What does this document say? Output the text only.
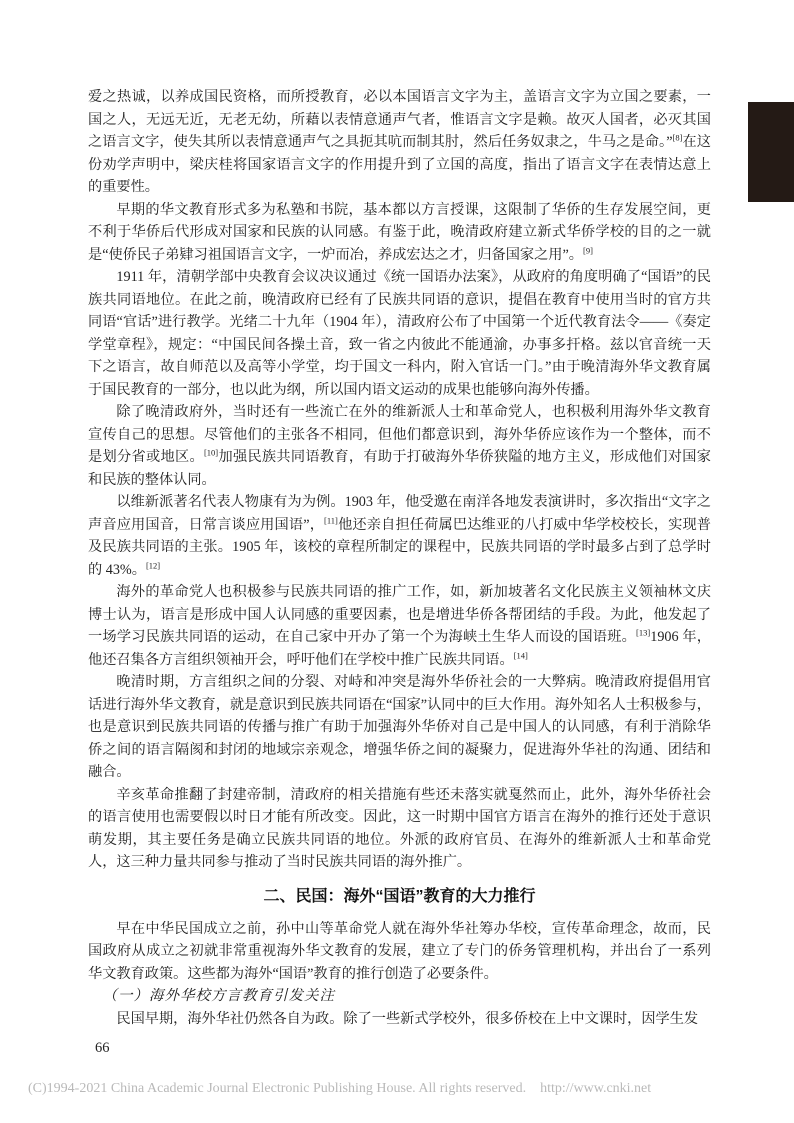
爱之热诚，以养成国民资格，而所授教育，必以本国语言文字为主，盖语言文字为立国之要素，一国之人，无远无近，无老无幼，所藉以表情意通声气者，惟语言文字是赖。故灭人国者，必灭其国之语言文字，使失其所以表情意通声气之具扼其吭而制其肘，然后任务奴隶之，牛马之是命。”[8]在这份劝学声明中，梁庆桂将国家语言文字的作用提升到了立国的高度，指出了语言文字在表情达意上的重要性。

早期的华文教育形式多为私塾和书院，基本都以方言授课，这限制了华侨的生存发展空间，更不利于华侨后代形成对国家和民族的认同感。有鉴于此，晚清政府建立新式华侨学校的目的之一就是“使侨民子弟肄习祖国语言文字，一炉而冶，养成宏达之才，归备国家之用”。[9]

1911 年，清朝学部中央教育会议决议通过《统一国语办法案》，从政府的角度明确了“国语”的民族共同语地位。在此之前，晚清政府已经有了民族共同语的意识，提倡在教育中使用当时的官方共同语“官话”进行教学。光绪二十九年（1904 年），清政府公布了中国第一个近代教育法令——《奏定学堂章程》，规定：“中国民间各操土音，致一省之内彼此不能通渝，办事多扞格。兹以官音统一天下之语言，故自师范以及高等小学堂，均于国文一科内，附入官话一门。”由于晚清海外华文教育属于国民教育的一部分，也以此为纲，所以国内语文运动的成果也能够向海外传播。

除了晚清政府外，当时还有一些流亡在外的维新派人士和革命党人，也积极利用海外华文教育宣传自己的思想。尽管他们的主张各不相同，但他们都意识到，海外华侨应该作为一个整体，而不是划分省或地区。[10]加强民族共同语教育，有助于打破海外华侨狭隘的地方主义，形成他们对国家和民族的整体认同。

以维新派著名代表人物康有为为例。1903 年，他受邀在南洋各地发表演讲时，多次指出“文字之声音应用国音，日常言谈应用国语”，[11]他还亲自担任荷属巴达维亚的八打威中华学校校长，实现普及民族共同语的主张。1905 年，该校的章程所制定的课程中，民族共同语的学时最多占到了总学时的 43%。[12]

海外的革命党人也积极参与民族共同语的推广工作，如，新加坡著名文化民族主义领袖林文庆博士认为，语言是形成中国人认同感的重要因素，也是增进华侨各帮团结的手段。为此，他发起了一场学习民族共同语的运动，在自己家中开办了第一个为海峡土生华人而设的国语班。[13]1906 年，他还召集各方言组织领袖开会，呼吁他们在学校中推广民族共同语。[14]

晚清时期，方言组织之间的分裂、对峙和冲突是海外华侨社会的一大弊病。晚清政府提倡用官话进行海外华文教育，就是意识到民族共同语在“国家”认同中的巨大作用。海外知名人士积极参与，也是意识到民族共同语的传播与推广有助于加强海外华侨对自己是中国人的认同感，有利于消除华侨之间的语言隔阂和封闭的地域宗亲观念，增强华侨之间的凝聚力，促进海外华社的沟通、团结和融合。

辛亥革命推翻了封建帝制，清政府的相关措施有些还未落实就戛然而止，此外，海外华侨社会的语言使用也需要假以时日才能有所改变。因此，这一时期中国官方语言在海外的推行还处于意识萌发期，其主要任务是确立民族共同语的地位。外派的政府官员、在海外的维新派人士和革命党人，这三种力量共同参与推动了当时民族共同语的海外推广。

二、民国：海外“国语”教育的大力推行

早在中华民国成立之前，孙中山等革命党人就在海外华社筹办华校，宣传革命理念，故而，民国政府从成立之初就非常重视海外华文教育的发展，建立了专门的侨务管理机构，并出台了一系列华文教育政策。这些都为海外“国语”教育的推行创造了必要条件。

（一）海外华校方言教育引发关注

民国早期，海外华社仍然各自为政。除了一些新式学校外，很多侨校在上中文课时，因学生发

66
(C)1994-2021 China Academic Journal Electronic Publishing House. All rights reserved. http://www.cnki.net
